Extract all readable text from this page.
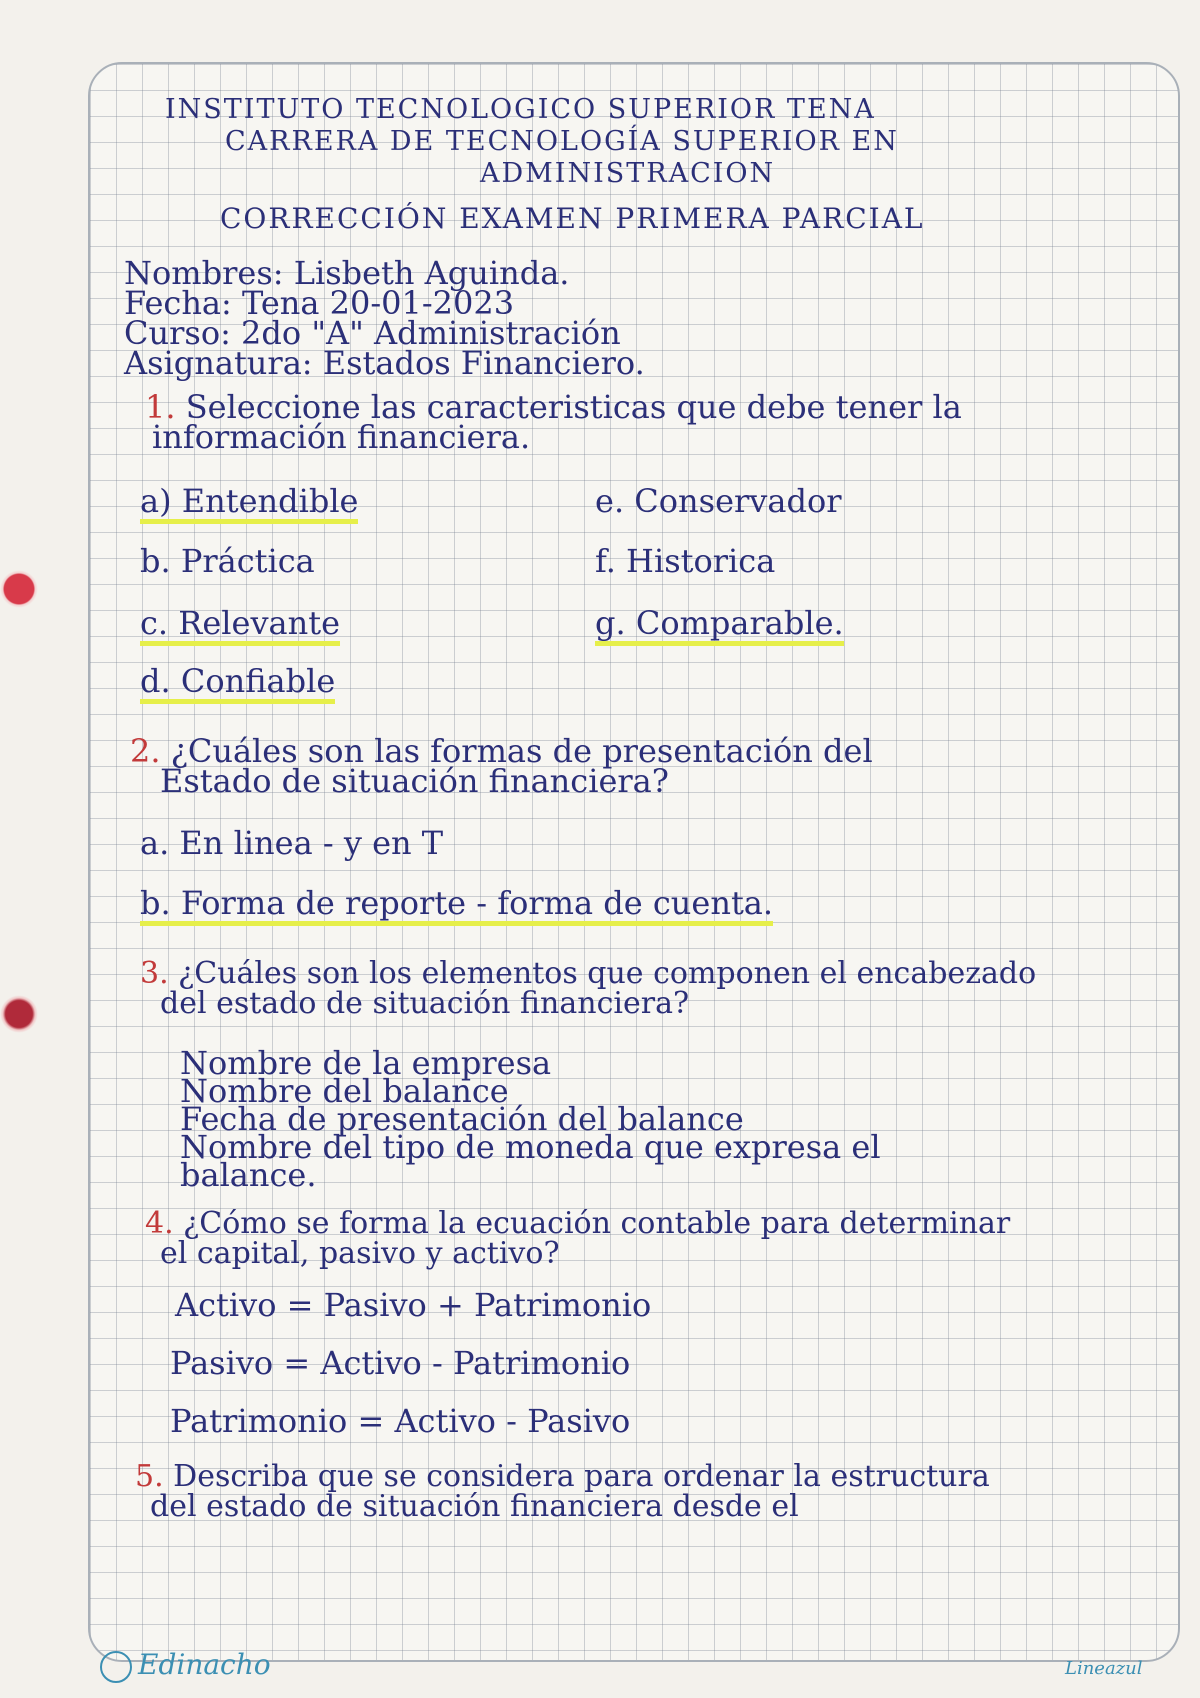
INSTITUTO TECNOLOGICO SUPERIOR TENA
CARRERA DE TECNOLOGÍA SUPERIOR EN
ADMINISTRACION
CORRECCIÓN EXAMEN PRIMERA PARCIAL
Nombres: Lisbeth Aguinda.
Fecha: Tena 20-01-2023
Curso: 2do "A" Administración
Asignatura: Estados Financiero.
1. Seleccione las caracteristicas que debe tener la
información financiera.
a) Entendible
b. Práctica
c. Relevante
d. Confiable
e. Conservador
f. Historica
g. Comparable.
2. ¿Cuáles son las formas de presentación del
Estado de situación financiera?
a. En linea - y en T
b. Forma de reporte - forma de cuenta.
3. ¿Cuáles son los elementos que componen el encabezado
del estado de situación financiera?
Nombre de la empresa
Nombre del balance
Fecha de presentación del balance
Nombre del tipo de moneda que expresa el
balance.
4. ¿Cómo se forma la ecuación contable para determinar
el capital, pasivo y activo?
Activo = Pasivo + Patrimonio
Pasivo = Activo - Patrimonio
Patrimonio = Activo - Pasivo
5. Describa que se considera para ordenar la estructura
del estado de situación financiera desde el
Edinacho	Lineazul
